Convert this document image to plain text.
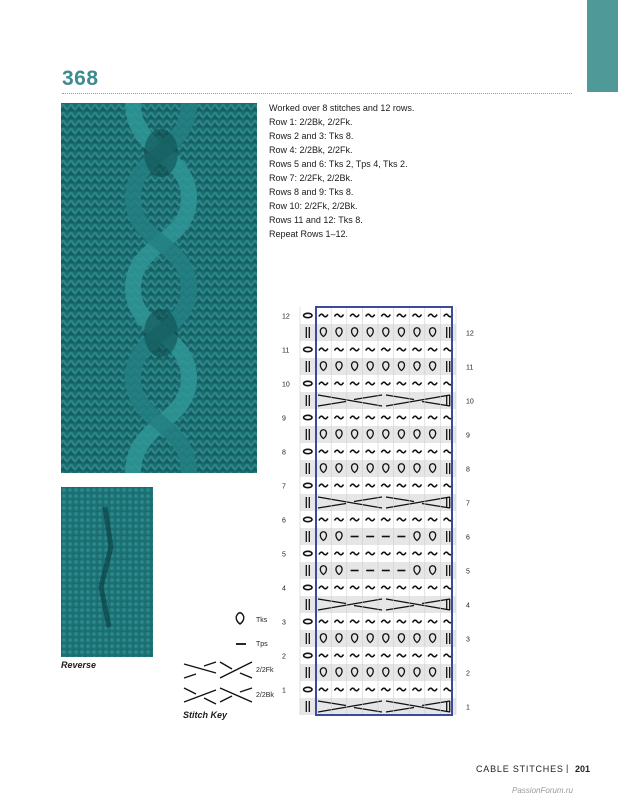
368
Reverse
Worked over 8 stitches and 12 rows.
Row 1: 2/2Bk, 2/2Fk.
Rows 2 and 3: Tks 8.
Row 4: 2/2Bk, 2/2Fk.
Rows 5 and 6: Tks 2, Tps 4, Tks 2.
Row 7: 2/2Fk, 2/2Bk.
Rows 8 and 9: Tks 8.
Row 10: 2/2Fk, 2/2Bk.
Rows 11 and 12: Tks 8.
Repeat Rows 1–12.
1
1
2
2
3
3
4
4
5
5
6
6
7
7
8
8
9
9
10
10
11
11
12
12
Tks
Tps
2/2Fk
2/2Bk
Stitch Key
CABLE STITCHES | 201
PassionForum.ru
